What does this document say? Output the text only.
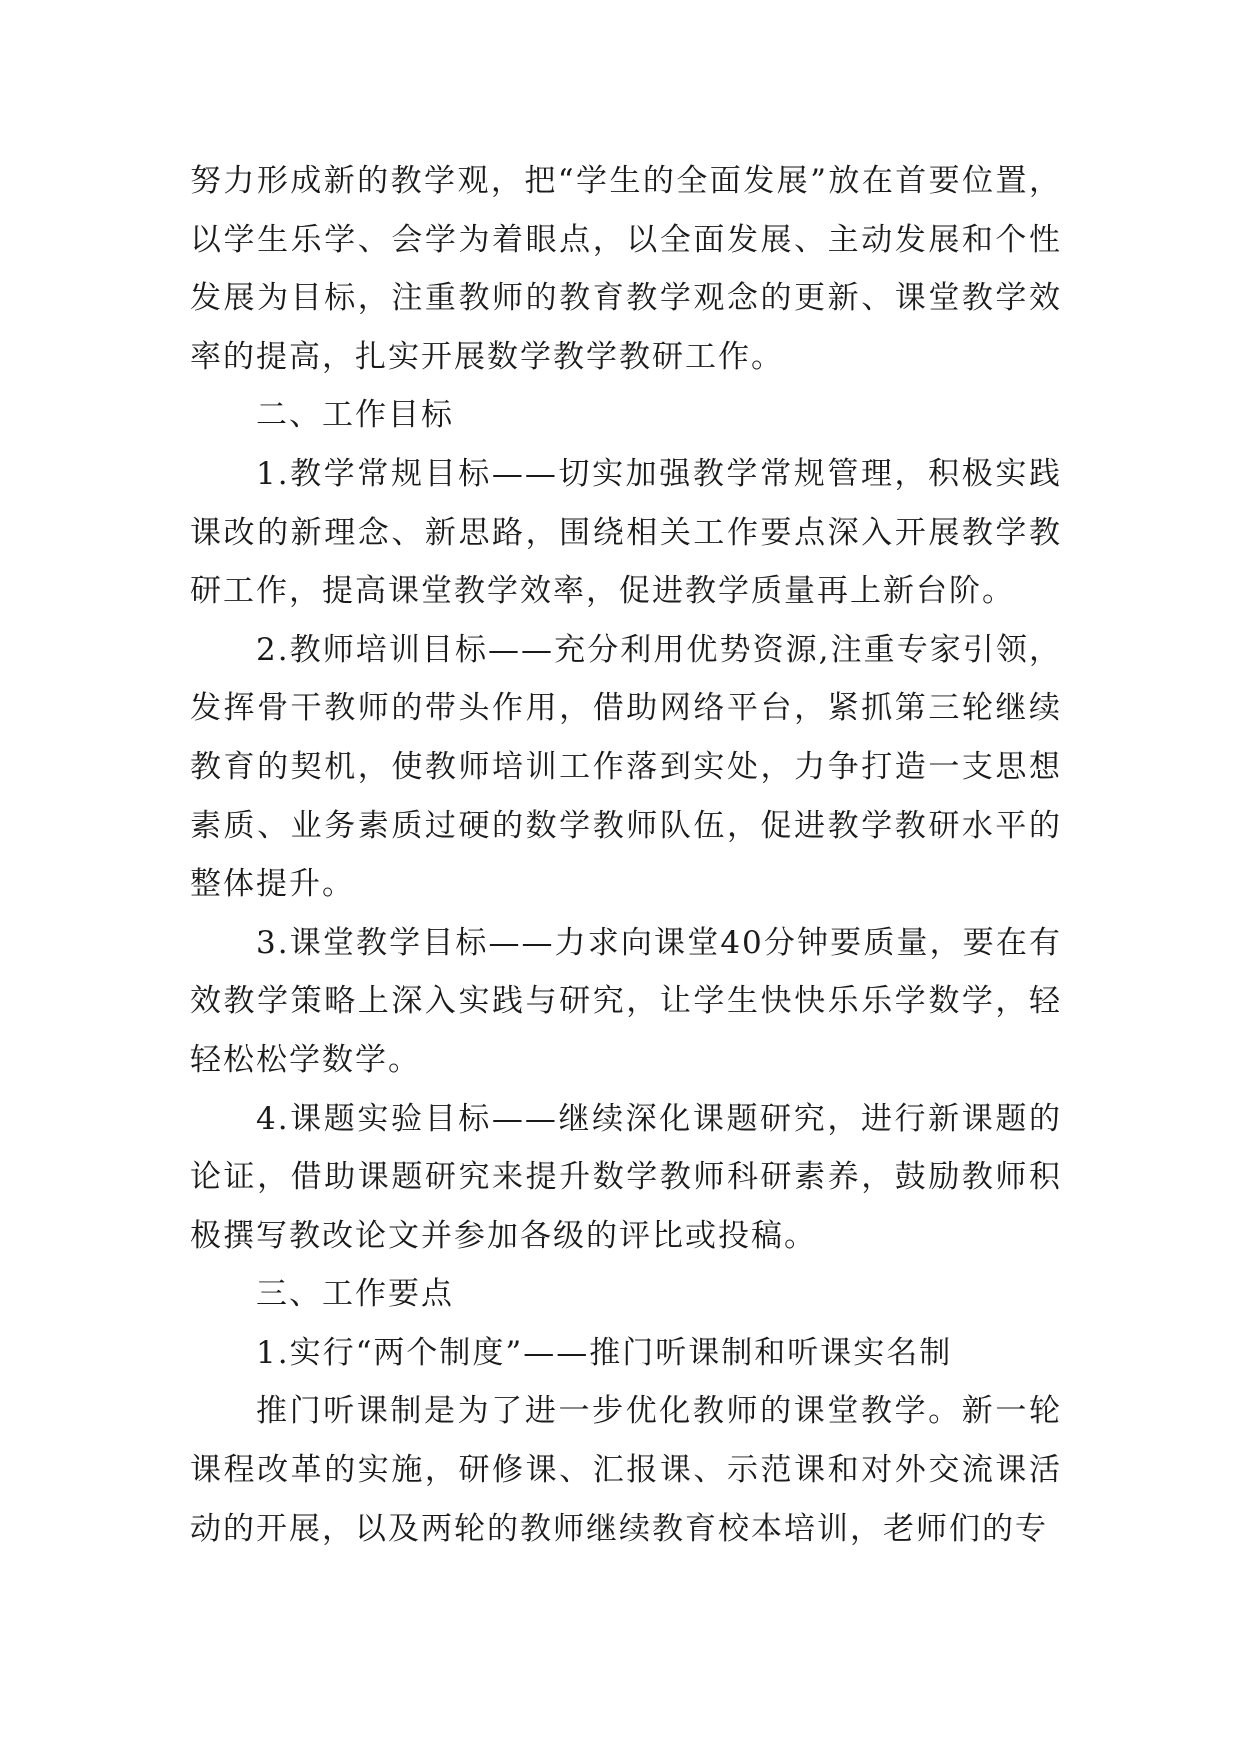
努力形成新的教学观，把“学生的全面发展”放在首要位置，以学生乐学、会学为着眼点，以全面发展、主动发展和个性发展为目标，注重教师的教育教学观念的更新、课堂教学效率的提高，扎实开展数学教学教研工作。

二、工作目标

1.教学常规目标——切实加强教学常规管理，积极实践课改的新理念、新思路，围绕相关工作要点深入开展教学教研工作，提高课堂教学效率，促进教学质量再上新台阶。

2.教师培训目标——充分利用优势资源,注重专家引领，发挥骨干教师的带头作用，借助网络平台，紧抓第三轮继续教育的契机，使教师培训工作落到实处，力争打造一支思想素质、业务素质过硬的数学教师队伍，促进教学教研水平的整体提升。

3.课堂教学目标——力求向课堂40分钟要质量，要在有效教学策略上深入实践与研究，让学生快快乐乐学数学，轻轻松松学数学。

4.课题实验目标——继续深化课题研究，进行新课题的论证，借助课题研究来提升数学教师科研素养，鼓励教师积极撰写教改论文并参加各级的评比或投稿。

三、工作要点

1.实行“两个制度”——推门听课制和听课实名制

推门听课制是为了进一步优化教师的课堂教学。新一轮课程改革的实施，研修课、汇报课、示范课和对外交流课活动的开展，以及两轮的教师继续教育校本培训，老师们的专
